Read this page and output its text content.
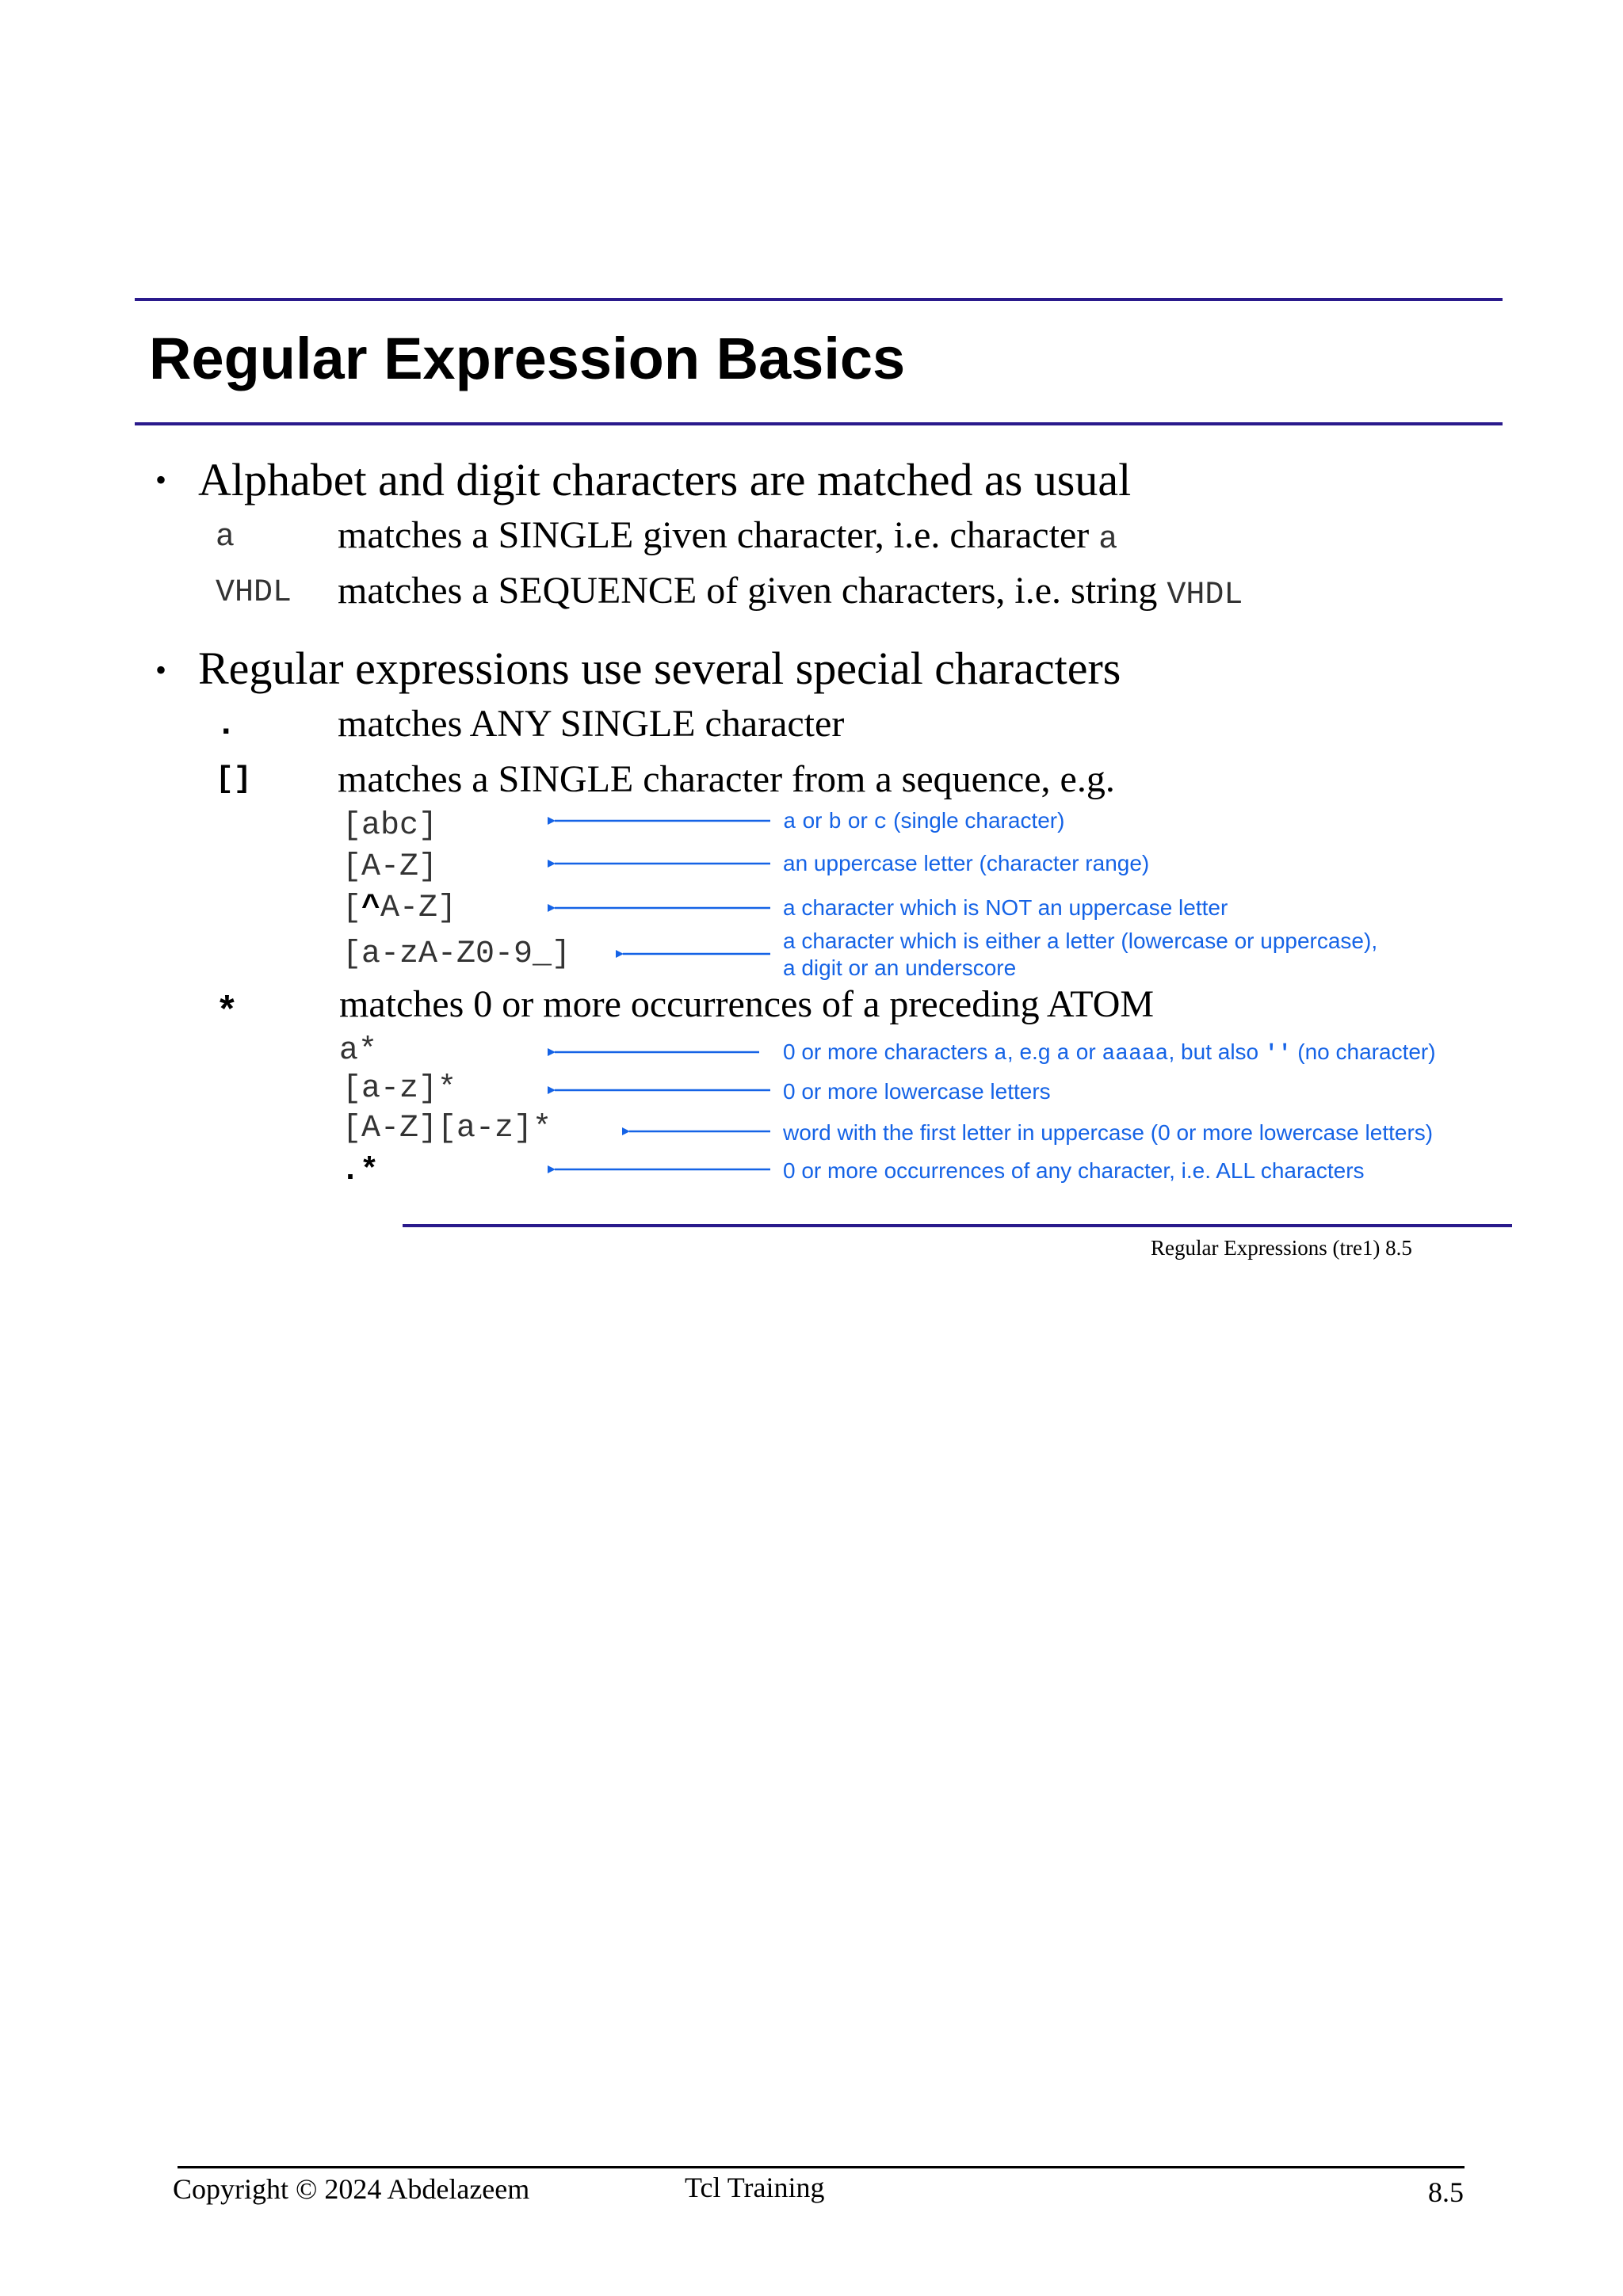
Regular Expression Basics
• Alphabet and digit characters are matched as usual
a	matches a SINGLE given character, i.e. character a
VHDL matches a SEQUENCE of given characters, i.e. string VHDL
• Regular expressions use several special characters
.	matches ANY SINGLE character
[] matches a SINGLE character from a sequence, e.g.
[abc]	a or b or c (single character)
[A-Z]	an uppercase letter (character range)
[^A-Z]	a character which is NOT an uppercase letter
[a-zA-Z0-9_]	a character which is either a letter (lowercase or uppercase),
a digit or an underscore
*	matches 0 or more occurrences of a preceding ATOM
a*	0 or more characters a, e.g a or aaaaa, but also '' (no character)
[a-z]*	0 or more lowercase letters
[A-Z][a-z]*	word with the first letter in uppercase (0 or more lowercase letters)
.*	0 or more occurrences of any character, i.e. ALL characters
Regular Expressions (tre1) 8.5
Copyright © 2024 Abdelazeem	Tcl Training	8.5
